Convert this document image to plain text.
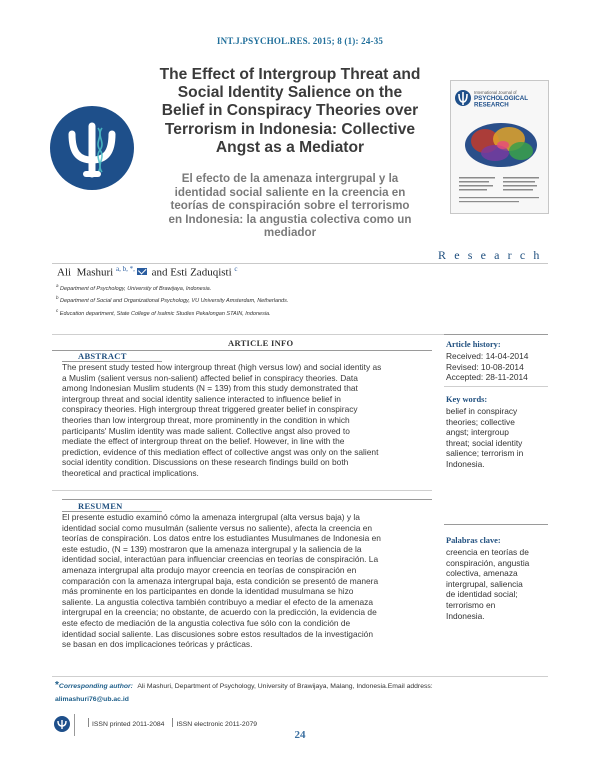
INT.J.PSYCHOL.RES. 2015; 8 (1): 24-35
International Journal of
PSYCHOLOGICAL
RESEARCH
The Effect of Intergroup Threat and
Social Identity Salience on the
Belief in Conspiracy Theories over
Terrorism in Indonesia: Collective
Angst as a Mediator
El efecto de la amenaza intergrupal y la
identidad social saliente en la creencia en
teorías de conspiración sobre el terrorismo
en Indonesia: la angustia colectiva como un
mediador
R e s e a r c h
Ali Mashuri $^{a, b, *,}$ and Esti Zaduqisti $^c$
$^a$ Department of Psychology, University of Brawijaya, Indonesia.
$^b$ Department of Social and Organizational Psychology, VU University Amsterdam, Netherlands.
$^c$ Education department, State College of Isalmic Studies Pekalongan STAIN, Indonesia.
ARTICLE INFO
ABSTRACT
The present study tested how intergroup threat (high versus low) and social identity as
a Muslim (salient versus non-salient) affected belief in conspiracy theories. Data
among Indonesian Muslim students (N = 139) from this study demonstrated that
intergroup threat and social identity salience interacted to influence belief in
conspiracy theories. High intergroup threat triggered greater belief in conspiracy
theories than low intergroup threat, more prominently in the condition in which
participants' Muslim identity was made salient. Collective angst also proved to
mediate the effect of intergroup threat on the belief. However, in line with the
prediction, evidence of this mediation effect of collective angst was only on the salient
social identity condition. Discussions on these research findings build on both
theoretical and practical implications.
Article history:
Received: 14-04-2014
Revised: 10-08-2014
Accepted: 28-11-2014
Key words:
belief in conspiracy
theories; collective
angst; intergroup
threat; social identity
salience; terrorism in
Indonesia.
RESUMEN
El presente estudio examinó cómo la amenaza intergrupal (alta versus baja) y la
identidad social como musulmán (saliente versus no saliente), afecta la creencia en
teorías de conspiración. Los datos entre los estudiantes Musulmanes de Indonesia en
este estudio, (N = 139) mostraron que la amenaza intergrupal y la saliencia de la
identidad social, interactúan para influenciar creencias en teorías de conspiración. La
amenaza intergrupal alta produjo mayor creencia en teorías de conspiración en
comparación con la amenaza intergrupal baja, esta condición se presentó de manera
más prominente en los participantes en donde la identidad musulmana se hizo
saliente. La angustia colectiva también contribuyo a mediar el efecto de la amenaza
intergrupal en la creencia; no obstante, de acuerdo con la predicción, la evidencia de
este efecto de mediación de la angustia colectiva fue sólo con la condición de
identidad social saliente. Las discusiones sobre estos resultados de la investigación
se basan en dos implicaciones teóricas y prácticas.
Palabras clave:
creencia en teorías de
conspiración, angustia
colectiva, amenaza
intergrupal, saliencia
de identidad social;
terrorismo en
Indonesia.
*Corresponding author: Ali Mashuri, Department of Psychology, University of Brawijaya, Malang, Indonesia.Email address:
alimashuri76@ub.ac.id
ISSN printed 2011-2084 ISSN electronic 2011-2079
24
